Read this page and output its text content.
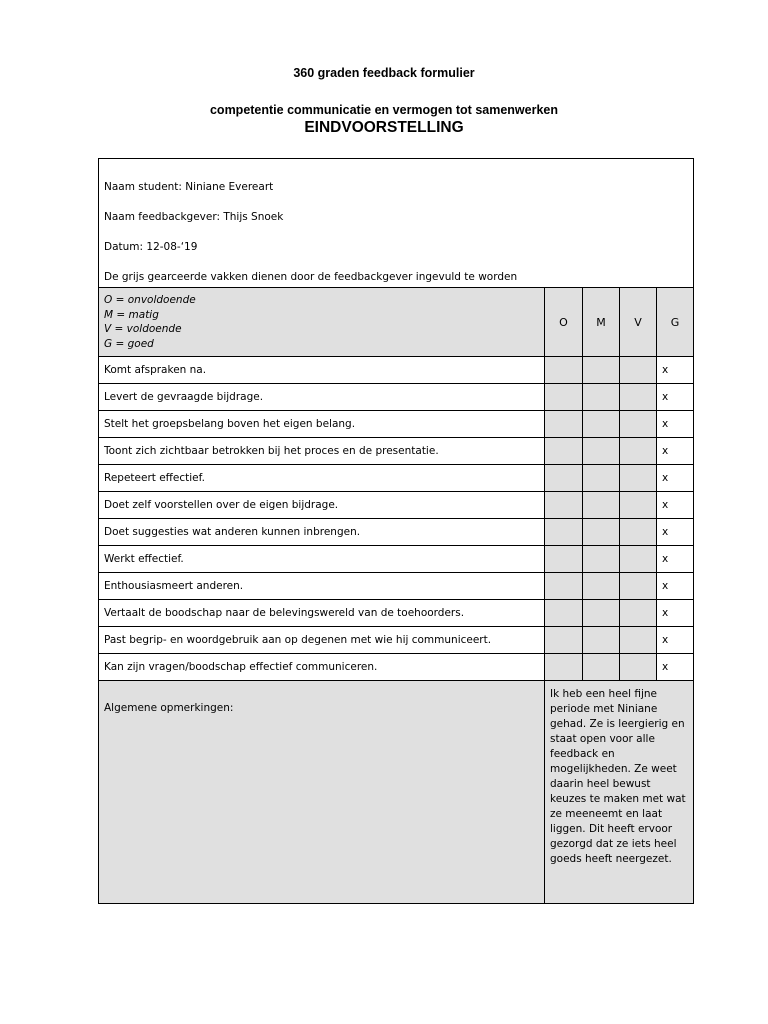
360 graden feedback formulier
competentie communicatie en vermogen tot samenwerken
EINDVOORSTELLING
Naam student: Niniane Evereart
Naam feedbackgever: Thijs Snoek
Datum: 12-08-‘19
De grijs gearceerde vakken dienen door de feedbackgever ingevuld te worden				

O = onvoldoende
M = matig
V = voldoende
G = goed	O	M	V	G
Komt afspraken na.				x

Levert de gevraagde bijdrage.				x

Stelt het groepsbelang boven het eigen belang.				x

Toont zich zichtbaar betrokken bij het proces en de presentatie.				x

Repeteert effectief.				x

Doet zelf voorstellen over de eigen bijdrage.				x

Doet suggesties wat anderen kunnen inbrengen.				x

Werkt effectief.				x

Enthousiasmeert anderen.				x

Vertaalt de boodschap naar de belevingswereld van de toehoorders.				x

Past begrip- en woordgebruik aan op degenen met wie hij communiceert.				x

Kan zijn vragen/boodschap effectief communiceren.				x

Algemene opmerkingen:	Ik heb een heel fijne periode met Niniane gehad. Ze is leergierig en staat open voor alle feedback en mogelijkheden. Ze weet daarin heel bewust keuzes te maken met wat ze meeneemt en laat liggen. Dit heeft ervoor gezorgd dat ze iets heel goeds heeft neergezet.			
